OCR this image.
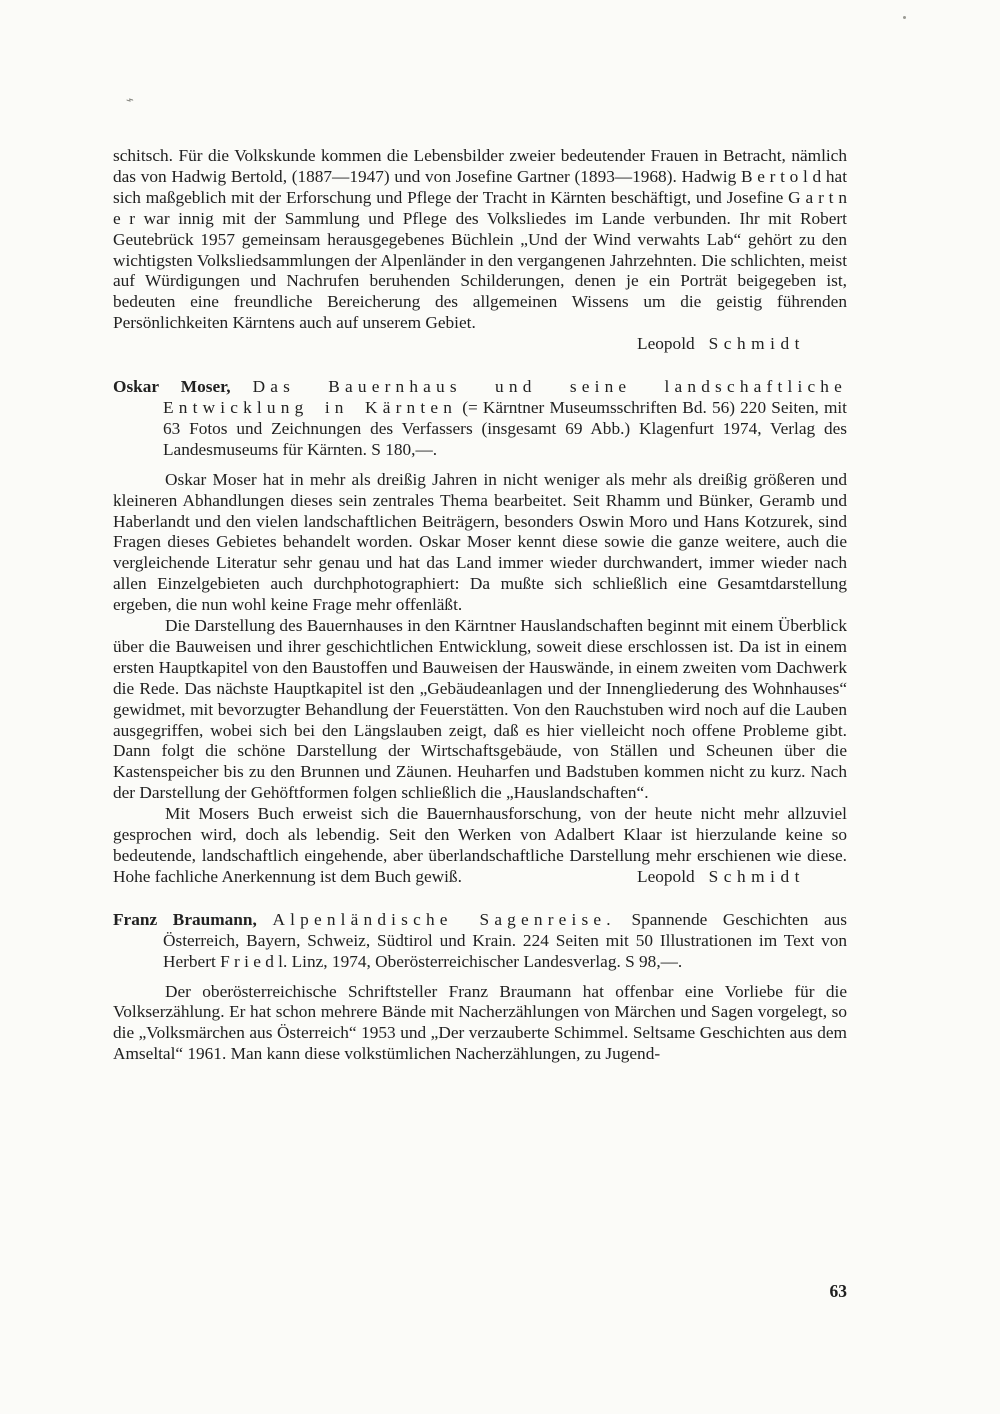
⌁

schitsch. Für die Volkskunde kommen die Lebensbilder zweier bedeutender Frauen in Betracht, nämlich das von Hadwig Bertold, (1887—1947) und von Josefine Gartner (1893—1968). Hadwig B e r t o l d hat sich maßgeblich mit der Erforschung und Pflege der Tracht in Kärnten beschäftigt, und Josefine G a r t n e r war innig mit der Sammlung und Pflege des Volksliedes im Lande verbunden. Ihr mit Robert Geutebrück 1957 gemeinsam herausgegebenes Büchlein „Und der Wind verwahts Lab“ gehört zu den wichtigsten Volksliedsammlungen der Alpenländer in den vergangenen Jahrzehnten. Die schlichten, meist auf Würdigungen und Nachrufen beruhenden Schilderungen, denen je ein Porträt beigegeben ist, bedeuten eine freundliche Bereicherung des allgemeinen Wissens um die geistig führenden Persönlichkeiten Kärntens auch auf unserem Gebiet.

Leopold Schmidt

Oskar Moser, Das Bauernhaus und seine landschaftliche Entwicklung in Kärnten (= Kärntner Museumsschriften Bd. 56) 220 Seiten, mit 63 Fotos und Zeichnungen des Verfassers (insgesamt 69 Abb.) Klagenfurt 1974, Verlag des Landesmuseums für Kärnten. S 180,—.

Oskar Moser hat in mehr als dreißig Jahren in nicht weniger als mehr als dreißig größeren und kleineren Abhandlungen dieses sein zentrales Thema bearbeitet. Seit Rhamm und Bünker, Geramb und Haberlandt und den vielen landschaftlichen Beiträgern, besonders Oswin Moro und Hans Kotzurek, sind Fragen dieses Gebietes behandelt worden. Oskar Moser kennt diese sowie die ganze weitere, auch die vergleichende Literatur sehr genau und hat das Land immer wieder durchwandert, immer wieder nach allen Einzelgebieten auch durchphotographiert: Da mußte sich schließlich eine Gesamtdarstellung ergeben, die nun wohl keine Frage mehr offenläßt.

Die Darstellung des Bauernhauses in den Kärntner Hauslandschaften beginnt mit einem Überblick über die Bauweisen und ihrer geschichtlichen Entwicklung, soweit diese erschlossen ist. Da ist in einem ersten Hauptkapitel von den Baustoffen und Bauweisen der Hauswände, in einem zweiten vom Dachwerk die Rede. Das nächste Hauptkapitel ist den „Gebäudeanlagen und der Innengliederung des Wohnhauses“ gewidmet, mit bevorzugter Behandlung der Feuerstätten. Von den Rauchstuben wird noch auf die Lauben ausgegriffen, wobei sich bei den Längslauben zeigt, daß es hier vielleicht noch offene Probleme gibt. Dann folgt die schöne Darstellung der Wirtschaftsgebäude, von Ställen und Scheunen über die Kastenspeicher bis zu den Brunnen und Zäunen. Heuharfen und Badstuben kommen nicht zu kurz. Nach der Darstellung der Gehöftformen folgen schließlich die „Hauslandschaften“.

Mit Mosers Buch erweist sich die Bauernhausforschung, von der heute nicht mehr allzuviel gesprochen wird, doch als lebendig. Seit den Werken von Adalbert Klaar ist hierzulande keine so bedeutende, landschaftlich eingehende, aber überlandschaftliche Darstellung mehr erschienen wie diese. Hohe fachliche Anerkennung ist dem Buch gewiß.	Leopold Schmidt

Franz Braumann, Alpenländische Sagenreise. Spannende Geschichten aus Österreich, Bayern, Schweiz, Südtirol und Krain. 224 Seiten mit 50 Illustrationen im Text von Herbert F r i e d l. Linz, 1974, Oberösterreichischer Landesverlag. S 98,—.

Der oberösterreichische Schriftsteller Franz Braumann hat offenbar eine Vorliebe für die Volkserzählung. Er hat schon mehrere Bände mit Nacherzählungen von Märchen und Sagen vorgelegt, so die „Volksmärchen aus Österreich“ 1953 und „Der verzauberte Schimmel. Seltsame Geschichten aus dem Amseltal“ 1961. Man kann diese volkstümlichen Nacherzählungen, zu Jugend-

63
